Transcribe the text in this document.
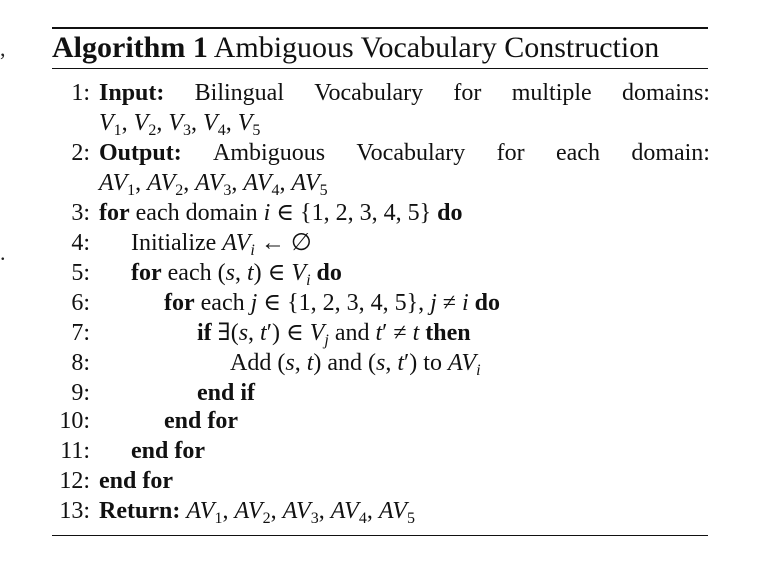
,
.
Algorithm 1 Ambiguous Vocabulary Construction
1: Input: Bilingual Vocabulary for multiple domains:
$V_1$, $V_2$, $V_3$, $V_4$, $V_5$
2: Output: Ambiguous Vocabulary for each domain:
$AV_1$, $AV_2$, $AV_3$, $AV_4$, $AV_5$
3: for each domain i ∈ {1, 2, 3, 4, 5} do
4: Initialize $AV_i$ ← ∅
5: for each (s, t) ∈ $V_i$ do
6:	for each j ∈ {1, 2, 3, 4, 5}, j ≠ i do
7:	if ∃(s, t′) ∈ $V_j$ and t′ ≠ t then
8:	Add (s, t) and (s, t′) to $AV_i$
9:	end if
10:	end for
11: end for
12: end for
13: Return: $AV_1$, $AV_2$, $AV_3$, $AV_4$, $AV_5$
